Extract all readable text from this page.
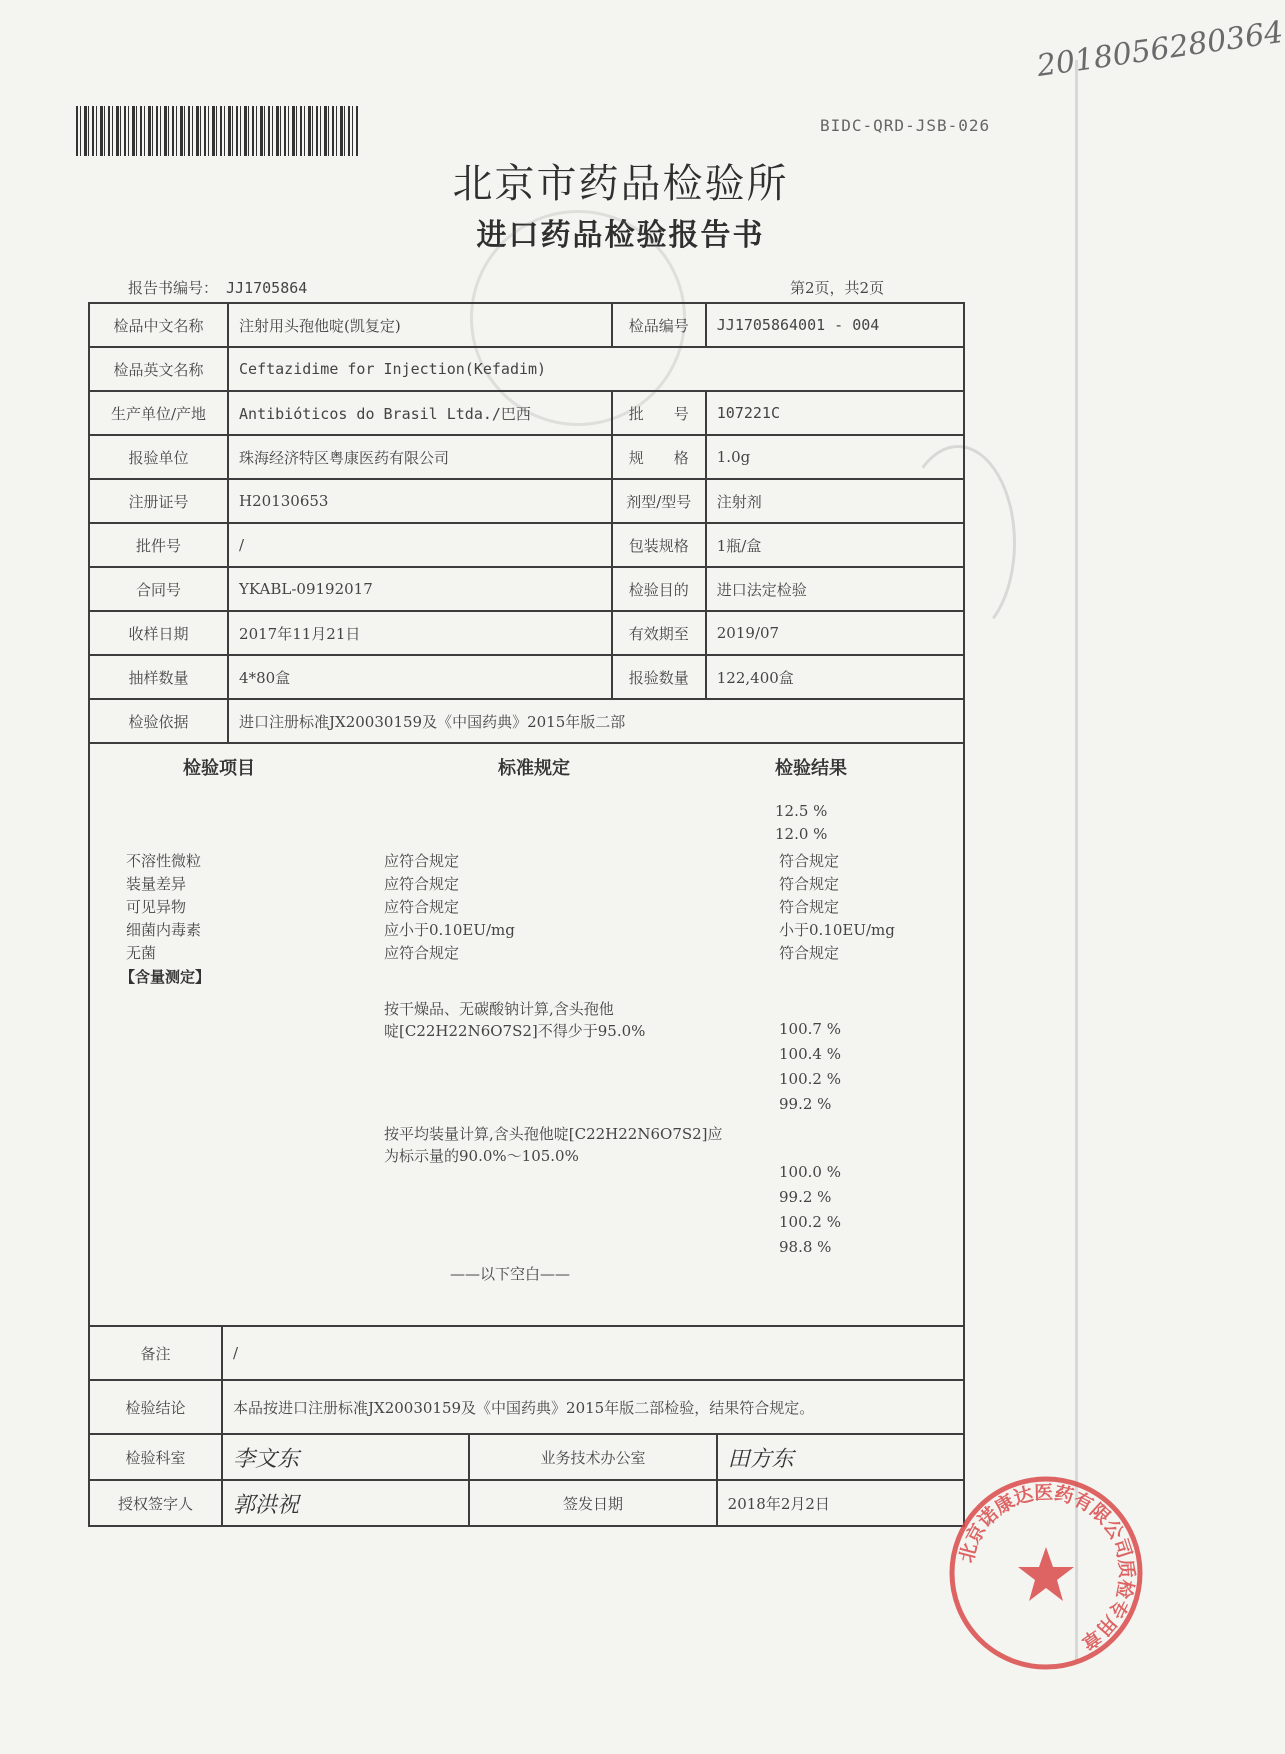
2018056280364
BIDC-QRD-JSB-026
北京市药品检验所
进口药品检验报告书
报告书编号： JJ1705864	第2页，共2页
检品中文名称	注射用头孢他啶(凯复定)	检品编号	JJ1705864001 - 004
检品英文名称	Ceftazidime for Injection(Kefadim)		
生产单位/产地	Antibióticos do Brasil Ltda./巴西	批　　号	107221C
报验单位	珠海经济特区粤康医药有限公司	规　　格	1.0g
注册证号	H20130653	剂型/型号	注射剂
批件号	/	包装规格	1瓶/盒
合同号	YKABL-09192017	检验目的	进口法定检验
收样日期	2017年11月21日	有效期至	2019/07
抽样数量	4*80盒	报验数量	122,400盒
检验依据	进口注册标准JX20030159及《中国药典》2015年版二部		
检验项目	标准规定	检验结果
12.5 %
12.0 %
不溶性微粒	应符合规定	符合规定
装量差异	应符合规定	符合规定
可见异物	应符合规定	符合规定
细菌内毒素	应小于0.10EU/mg	小于0.10EU/mg
无菌	应符合规定	符合规定
【含量测定】
按干燥品、无碳酸钠计算,含头孢他
啶[C22H22N6O7S2]不得少于95.0%	100.7 %
100.4 %
100.2 %
99.2 %
按平均装量计算,含头孢他啶[C22H22N6O7S2]应
为标示量的90.0%～105.0%
100.0 %
99.2 %
100.2 %
98.8 %
——以下空白——
备注	/		
检验结论	本品按进口注册标准JX20030159及《中国药典》2015年版二部检验，结果符合规定。		
检验科室	李文东	业务技术办公室	田方东
授权签字人	郭洪祝	签发日期	2018年2月2日
北京诺康达医药有限公司质检专用章
